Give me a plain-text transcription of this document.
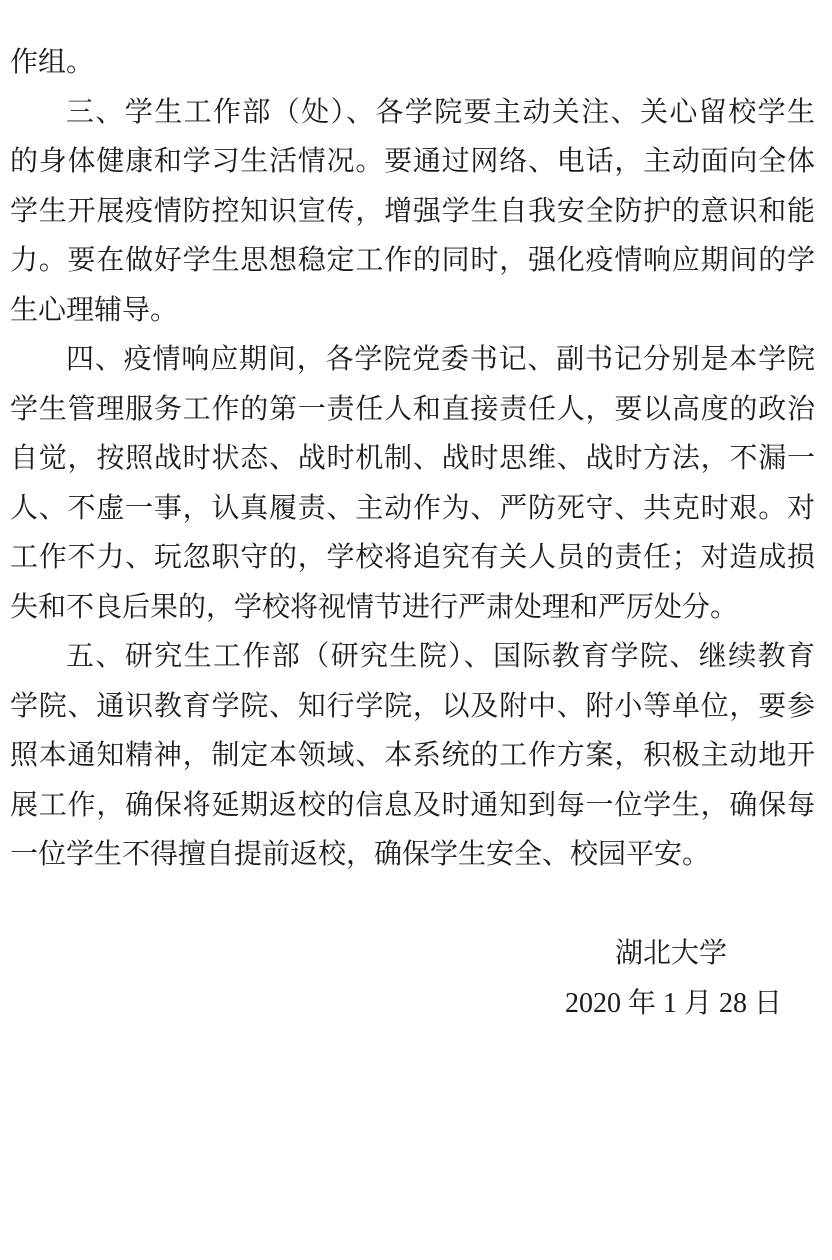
作组。
三、学生工作部（处）、各学院要主动关注、关心留校学生
的身体健康和学习生活情况。要通过网络、电话，主动面向全体
学生开展疫情防控知识宣传，增强学生自我安全防护的意识和能
力。要在做好学生思想稳定工作的同时，强化疫情响应期间的学
生心理辅导。
四、疫情响应期间，各学院党委书记、副书记分别是本学院
学生管理服务工作的第一责任人和直接责任人，要以高度的政治
自觉，按照战时状态、战时机制、战时思维、战时方法，不漏一
人、不虚一事，认真履责、主动作为、严防死守、共克时艰。对
工作不力、玩忽职守的，学校将追究有关人员的责任；对造成损
失和不良后果的，学校将视情节进行严肃处理和严厉处分。
五、研究生工作部（研究生院）、国际教育学院、继续教育
学院、通识教育学院、知行学院，以及附中、附小等单位，要参
照本通知精神，制定本领域、本系统的工作方案，积极主动地开
展工作，确保将延期返校的信息及时通知到每一位学生，确保每
一位学生不得擅自提前返校，确保学生安全、校园平安。
湖北大学
2020 年 1 月 28 日
